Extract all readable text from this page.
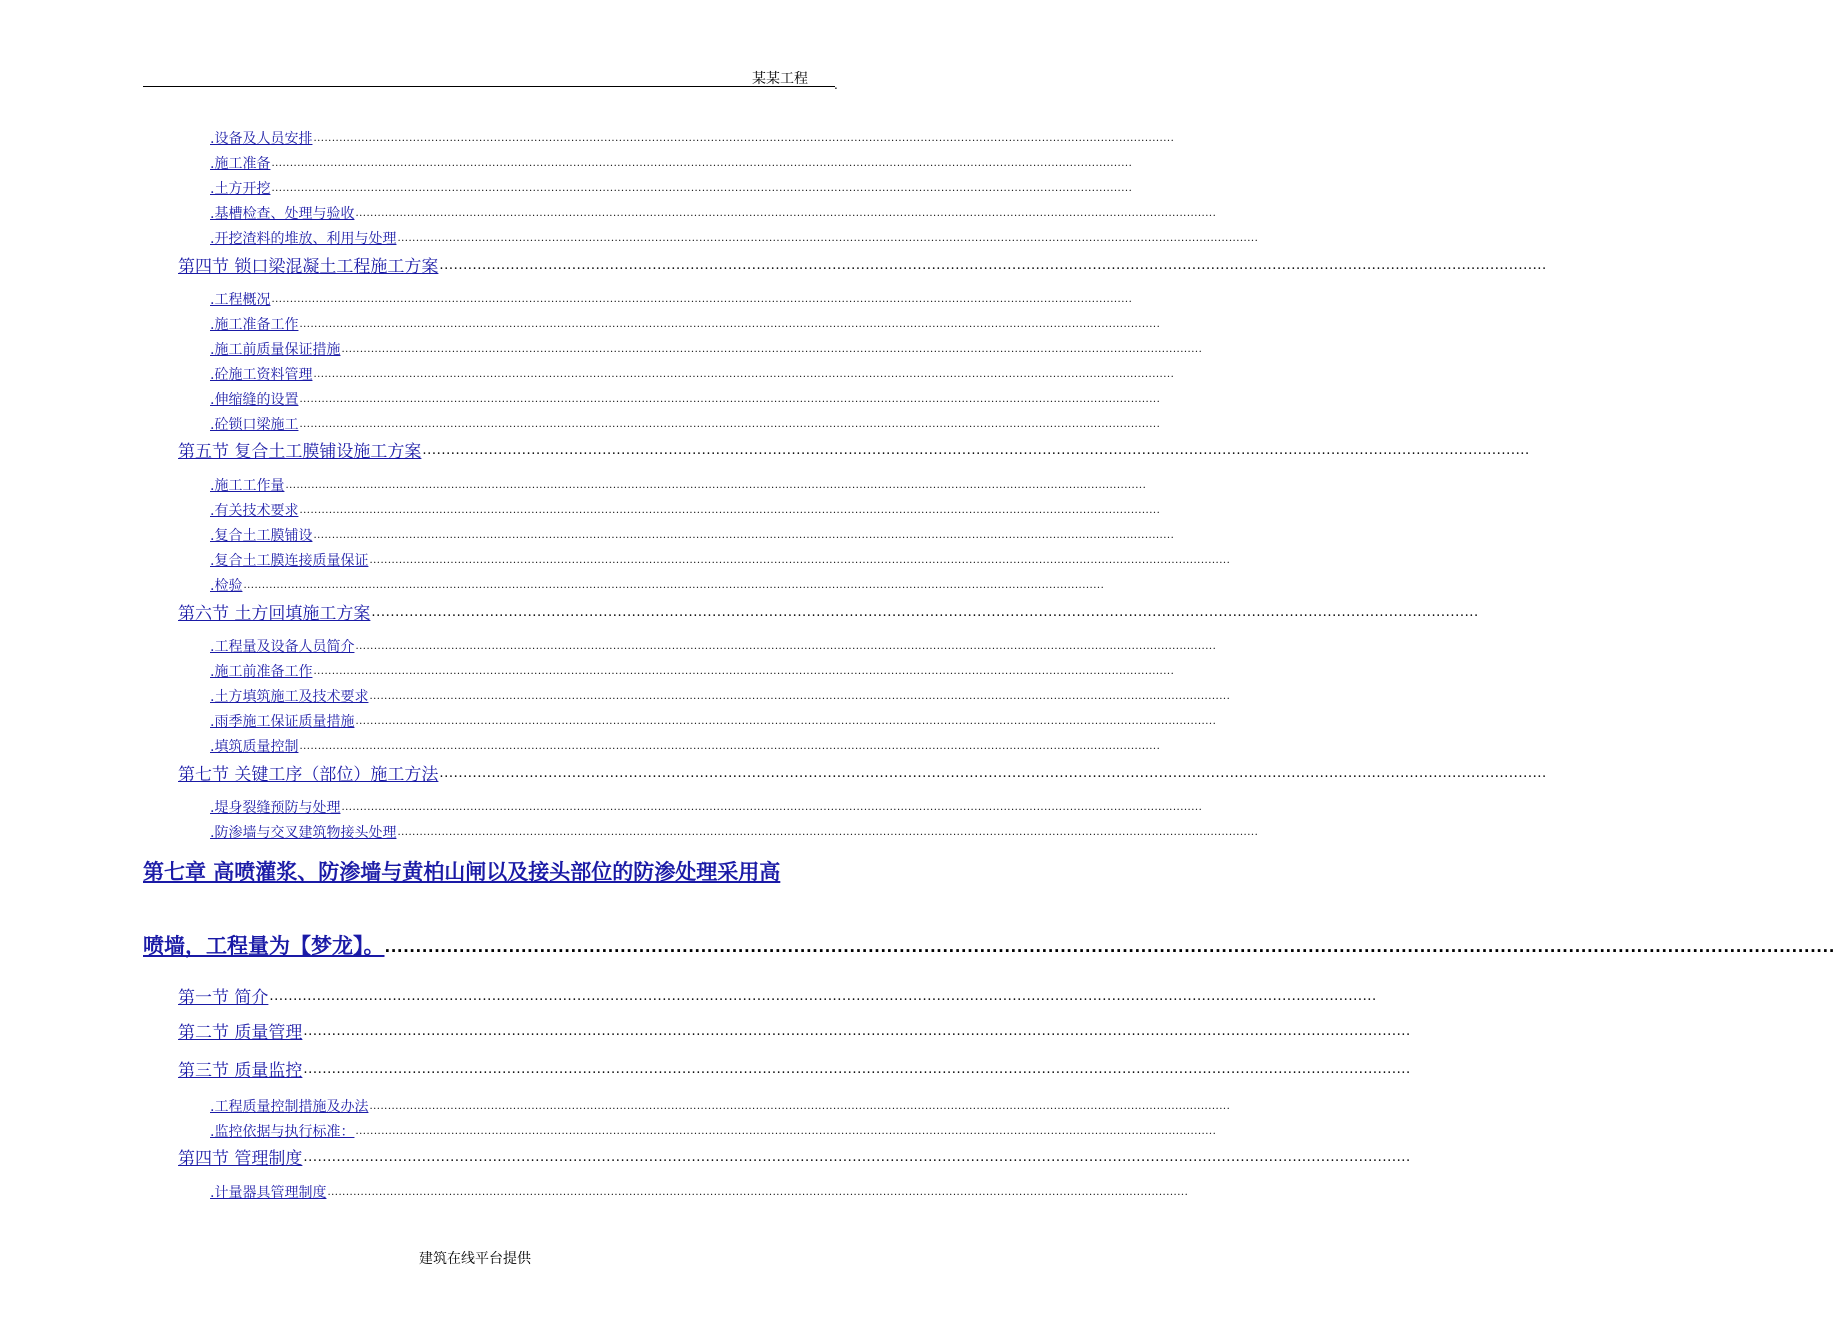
某某工程 .
.设备及人员安排 ..........................................................................................................................................................................................................................................
.施工准备 ..........................................................................................................................................................................................................................................
.土方开挖 ..........................................................................................................................................................................................................................................
.基槽检查、处理与验收 ..........................................................................................................................................................................................................................................
.开挖渣料的堆放、利用与处理 ..........................................................................................................................................................................................................................................
第四节 锁口梁混凝土工程施工方案 ..........................................................................................................................................................................................................................................
.工程概况 ..........................................................................................................................................................................................................................................
.施工准备工作 ..........................................................................................................................................................................................................................................
.施工前质量保证措施 ..........................................................................................................................................................................................................................................
.砼施工资料管理 ..........................................................................................................................................................................................................................................
.伸缩缝的设置 ..........................................................................................................................................................................................................................................
.砼锁口梁施工 ..........................................................................................................................................................................................................................................
第五节 复合土工膜铺设施工方案 ..........................................................................................................................................................................................................................................
.施工工作量 ..........................................................................................................................................................................................................................................
.有关技术要求 ..........................................................................................................................................................................................................................................
.复合土工膜铺设 ..........................................................................................................................................................................................................................................
.复合土工膜连接质量保证 ..........................................................................................................................................................................................................................................
.检验 ..........................................................................................................................................................................................................................................
第六节 土方回填施工方案 ..........................................................................................................................................................................................................................................
.工程量及设备人员简介 ..........................................................................................................................................................................................................................................
.施工前准备工作 ..........................................................................................................................................................................................................................................
.土方填筑施工及技术要求 ..........................................................................................................................................................................................................................................
.雨季施工保证质量措施 ..........................................................................................................................................................................................................................................
.填筑质量控制 ..........................................................................................................................................................................................................................................
第七节 关键工序（部位）施工方法 ..........................................................................................................................................................................................................................................
.堤身裂缝预防与处理 ..........................................................................................................................................................................................................................................
.防渗墙与交叉建筑物接头处理 ..........................................................................................................................................................................................................................................
第七章 高喷灌浆、防渗墙与黄柏山闸以及接头部位的防渗处理采用高
喷墙，工程量为【梦龙】。 ..........................................................................................................................................................................................................................................
第一节 简介 ..........................................................................................................................................................................................................................................
第二节 质量管理 ..........................................................................................................................................................................................................................................
第三节 质量监控 ..........................................................................................................................................................................................................................................
.工程质量控制措施及办法 ..........................................................................................................................................................................................................................................
.监控依据与执行标准： ..........................................................................................................................................................................................................................................
第四节 管理制度 ..........................................................................................................................................................................................................................................
.计量器具管理制度 ..........................................................................................................................................................................................................................................
建筑在线平台提供
